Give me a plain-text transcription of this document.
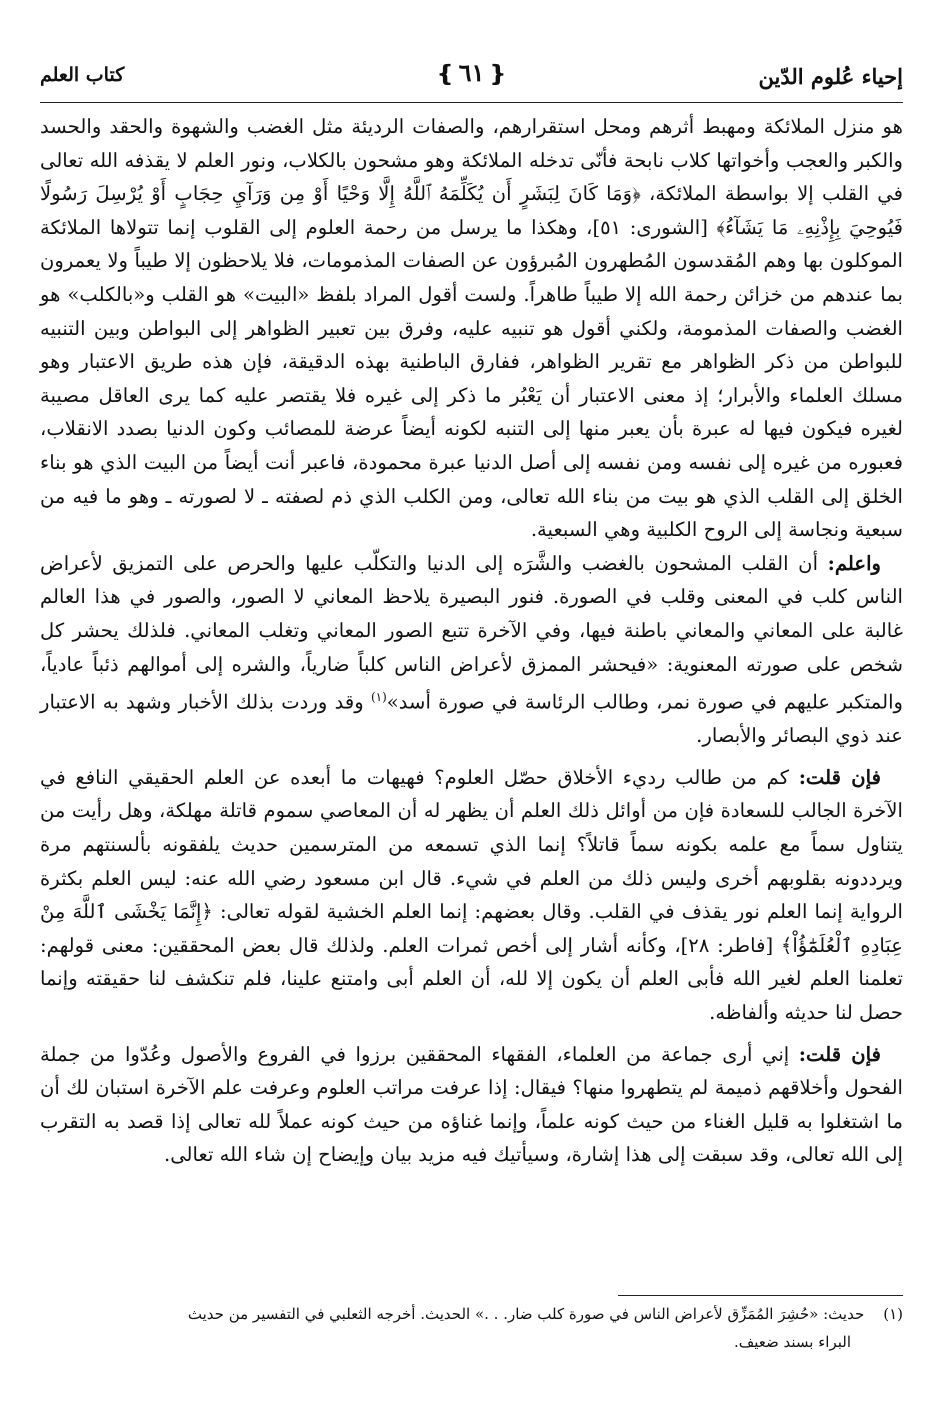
إحياء عُلوم الدّين
❴ ٦١ ❵
كتاب العلم

هو منزل الملائكة ومهبط أثرهم ومحل استقرارهم، والصفات الرديئة مثل الغضب والشهوة والحقد والحسد والكبر والعجب وأخواتها كلاب نابحة فأنّى تدخله الملائكة وهو مشحون بالكلاب، ونور العلم لا يقذفه الله تعالى في القلب إلا بواسطة الملائكة، ﴿وَمَا كَانَ لِبَشَرٍ أَن يُكَلِّمَهُ ٱللَّهُ إِلَّا وَحْيًا أَوْ مِن وَرَآيِ حِجَابٍ أَوْ يُرْسِلَ رَسُولًا فَيُوحِيَ بِإِذْنِهِۦ مَا يَشَآءُ﴾ [الشورى: ٥١]، وهكذا ما يرسل من رحمة العلوم إلى القلوب إنما تتولاها الملائكة الموكلون بها وهم المُقدسون المُطهرون المُبرؤون عن الصفات المذمومات، فلا يلاحظون إلا طيباً ولا يعمرون بما عندهم من خزائن رحمة الله إلا طيباً طاهراً. ولست أقول المراد بلفظ «البيت» هو القلب و«بالكلب» هو الغضب والصفات المذمومة، ولكني أقول هو تنبيه عليه، وفرق بين تعبير الظواهر إلى البواطن وبين التنبيه للبواطن من ذكر الظواهر مع تقرير الظواهر، ففارق الباطنية بهذه الدقيقة، فإن هذه طريق الاعتبار وهو مسلك العلماء والأبرار؛ إذ معنى الاعتبار أن يَعْبُر ما ذكر إلى غيره فلا يقتصر عليه كما يرى العاقل مصيبة لغيره فيكون فيها له عبرة بأن يعبر منها إلى التنبه لكونه أيضاً عرضة للمصائب وكون الدنيا بصدد الانقلاب، فعبوره من غيره إلى نفسه ومن نفسه إلى أصل الدنيا عبرة محمودة، فاعبر أنت أيضاً من البيت الذي هو بناء الخلق إلى القلب الذي هو بيت من بناء الله تعالى، ومن الكلب الذي ذم لصفته ـ لا لصورته ـ وهو ما فيه من سبعية ونجاسة إلى الروح الكلبية وهي السبعية.

واعلم: أن القلب المشحون بالغضب والشَّرَه إلى الدنيا والتكلّب عليها والحرص على التمزيق لأعراض الناس كلب في المعنى وقلب في الصورة. فنور البصيرة يلاحظ المعاني لا الصور، والصور في هذا العالم غالبة على المعاني والمعاني باطنة فيها، وفي الآخرة تتبع الصور المعاني وتغلب المعاني. فلذلك يحشر كل شخص على صورته المعنوية: «فيحشر الممزق لأعراض الناس كلباً ضارياً، والشره إلى أموالهم ذئباً عادياً، والمتكبر عليهم في صورة نمر، وطالب الرئاسة في صورة أسد»$^{(١)}$ وقد وردت بذلك الأخبار وشهد به الاعتبار عند ذوي البصائر والأبصار.

فإن قلت: كم من طالب رديء الأخلاق حصّل العلوم؟ فهيهات ما أبعده عن العلم الحقيقي النافع في الآخرة الجالب للسعادة فإن من أوائل ذلك العلم أن يظهر له أن المعاصي سموم قاتلة مهلكة، وهل رأيت من يتناول سماً مع علمه بكونه سماً قاتلاً؟ إنما الذي تسمعه من المترسمين حديث يلفقونه بألسنتهم مرة ويرددونه بقلوبهم أخرى وليس ذلك من العلم في شيء. قال ابن مسعود رضي الله عنه: ليس العلم بكثرة الرواية إنما العلم نور يقذف في القلب. وقال بعضهم: إنما العلم الخشية لقوله تعالى: ﴿إِنَّمَا يَخْشَى ٱللَّهَ مِنْ عِبَادِهِ ٱلْعُلَمَٰٓؤُاْ﴾ [فاطر: ٢٨]، وكأنه أشار إلى أخص ثمرات العلم. ولذلك قال بعض المحققين: معنى قولهم: تعلمنا العلم لغير الله فأبى العلم أن يكون إلا لله، أن العلم أبى وامتنع علينا، فلم تنكشف لنا حقيقته وإنما حصل لنا حديثه وألفاظه.

فإن قلت: إني أرى جماعة من العلماء، الفقهاء المحققين برزوا في الفروع والأصول وعُدّوا من جملة الفحول وأخلاقهم ذميمة لم يتطهروا منها؟ فيقال: إذا عرفت مراتب العلوم وعرفت علم الآخرة استبان لك أن ما اشتغلوا به قليل الغناء من حيث كونه علماً، وإنما غناؤه من حيث كونه عملاً لله تعالى إذا قصد به التقرب إلى الله تعالى، وقد سبقت إلى هذا إشارة، وسيأتيك فيه مزيد بيان وإيضاح إن شاء الله تعالى.

(١) حديث: «حُشِرَ المُمَزِّق لأعراض الناس في صورة كلب ضار. . .» الحديث. أخرجه الثعلبي في التفسير من حديث
البراء بسند ضعيف.
